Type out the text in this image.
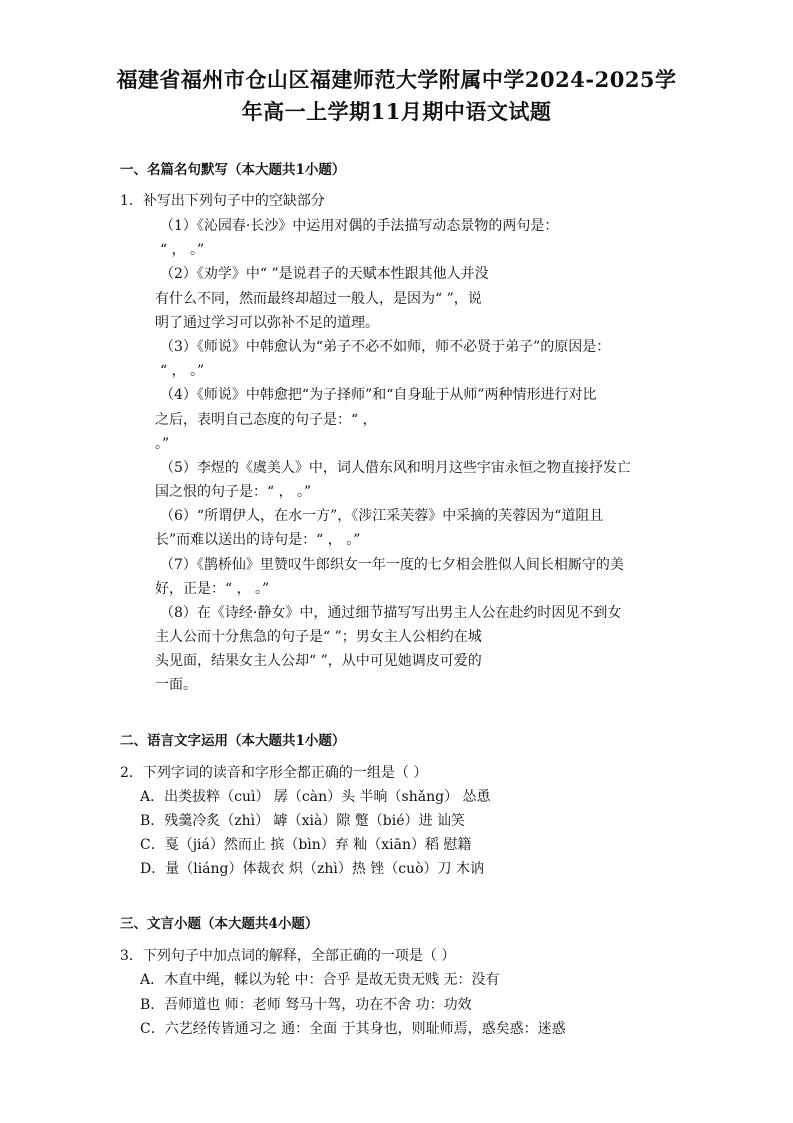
福建省福州市仓山区福建师范大学附属中学2024-2025学
年高一上学期11月期中语文试题
一、名篇名句默写（本大题共1小题）
1．补写出下列句子中的空缺部分
（1）《沁园春·长沙》中运用对偶的手法描写动态景物的两句是：
“ ， 。”
（2）《劝学》中“ ”是说君子的天赋本性跟其他人并没
有什么不同，然而最终却超过一般人，是因为“ ”，说
明了通过学习可以弥补不足的道理。
（3）《师说》中韩愈认为“弟子不必不如师，师不必贤于弟子”的原因是：
“ ， 。”
（4）《师说》中韩愈把“为子择师”和“自身耻于从师”两种情形进行对比
之后，表明自己态度的句子是：“ ，
。”
（5）李煜的《虞美人》中，词人借东风和明月这些宇宙永恒之物直接抒发亡
国之恨的句子是：“ ， 。”
（6）“所谓伊人，在水一方”，《涉江采芙蓉》中采摘的芙蓉因为“道阻且
长”而难以送出的诗句是：“ ， 。”
（7）《鹊桥仙》里赞叹牛郎织女一年一度的七夕相会胜似人间长相厮守的美
好，正是：“ ， 。”
（8）在《诗经·静女》中，通过细节描写写出男主人公在赴约时因见不到女
主人公而十分焦急的句子是“ ”；男女主人公相约在城
头见面，结果女主人公却“ ”，从中可见她调皮可爱的
一面。
二、语言文字运用（本大题共1小题）
2．下列字词的读音和字形全都正确的一组是（ ）
A．出类拔粹（cuì） 孱（càn）头 半晌（shǎng） 怂恿
B．残羹冷炙（zhì） 罅（xià）隙 蹩（bié）进 讪笑
C．戛（jiá）然而止 摈（bìn）弃 籼（xiān）稻 慰籍
D．量（liáng）体裁衣 炽（zhì）热 锉（cuò）刀 木讷
三、文言小题（本大题共4小题）
3．下列句子中加点词的解释，全部正确的一项是（ ）
A．木直中绳，輮以为轮 中：合乎 是故无贵无贱 无：没有
B．吾师道也 师：老师 驽马十驾，功在不舍 功：功效
C．六艺经传皆通习之 通：全面 于其身也，则耻师焉，惑矣惑：迷惑
